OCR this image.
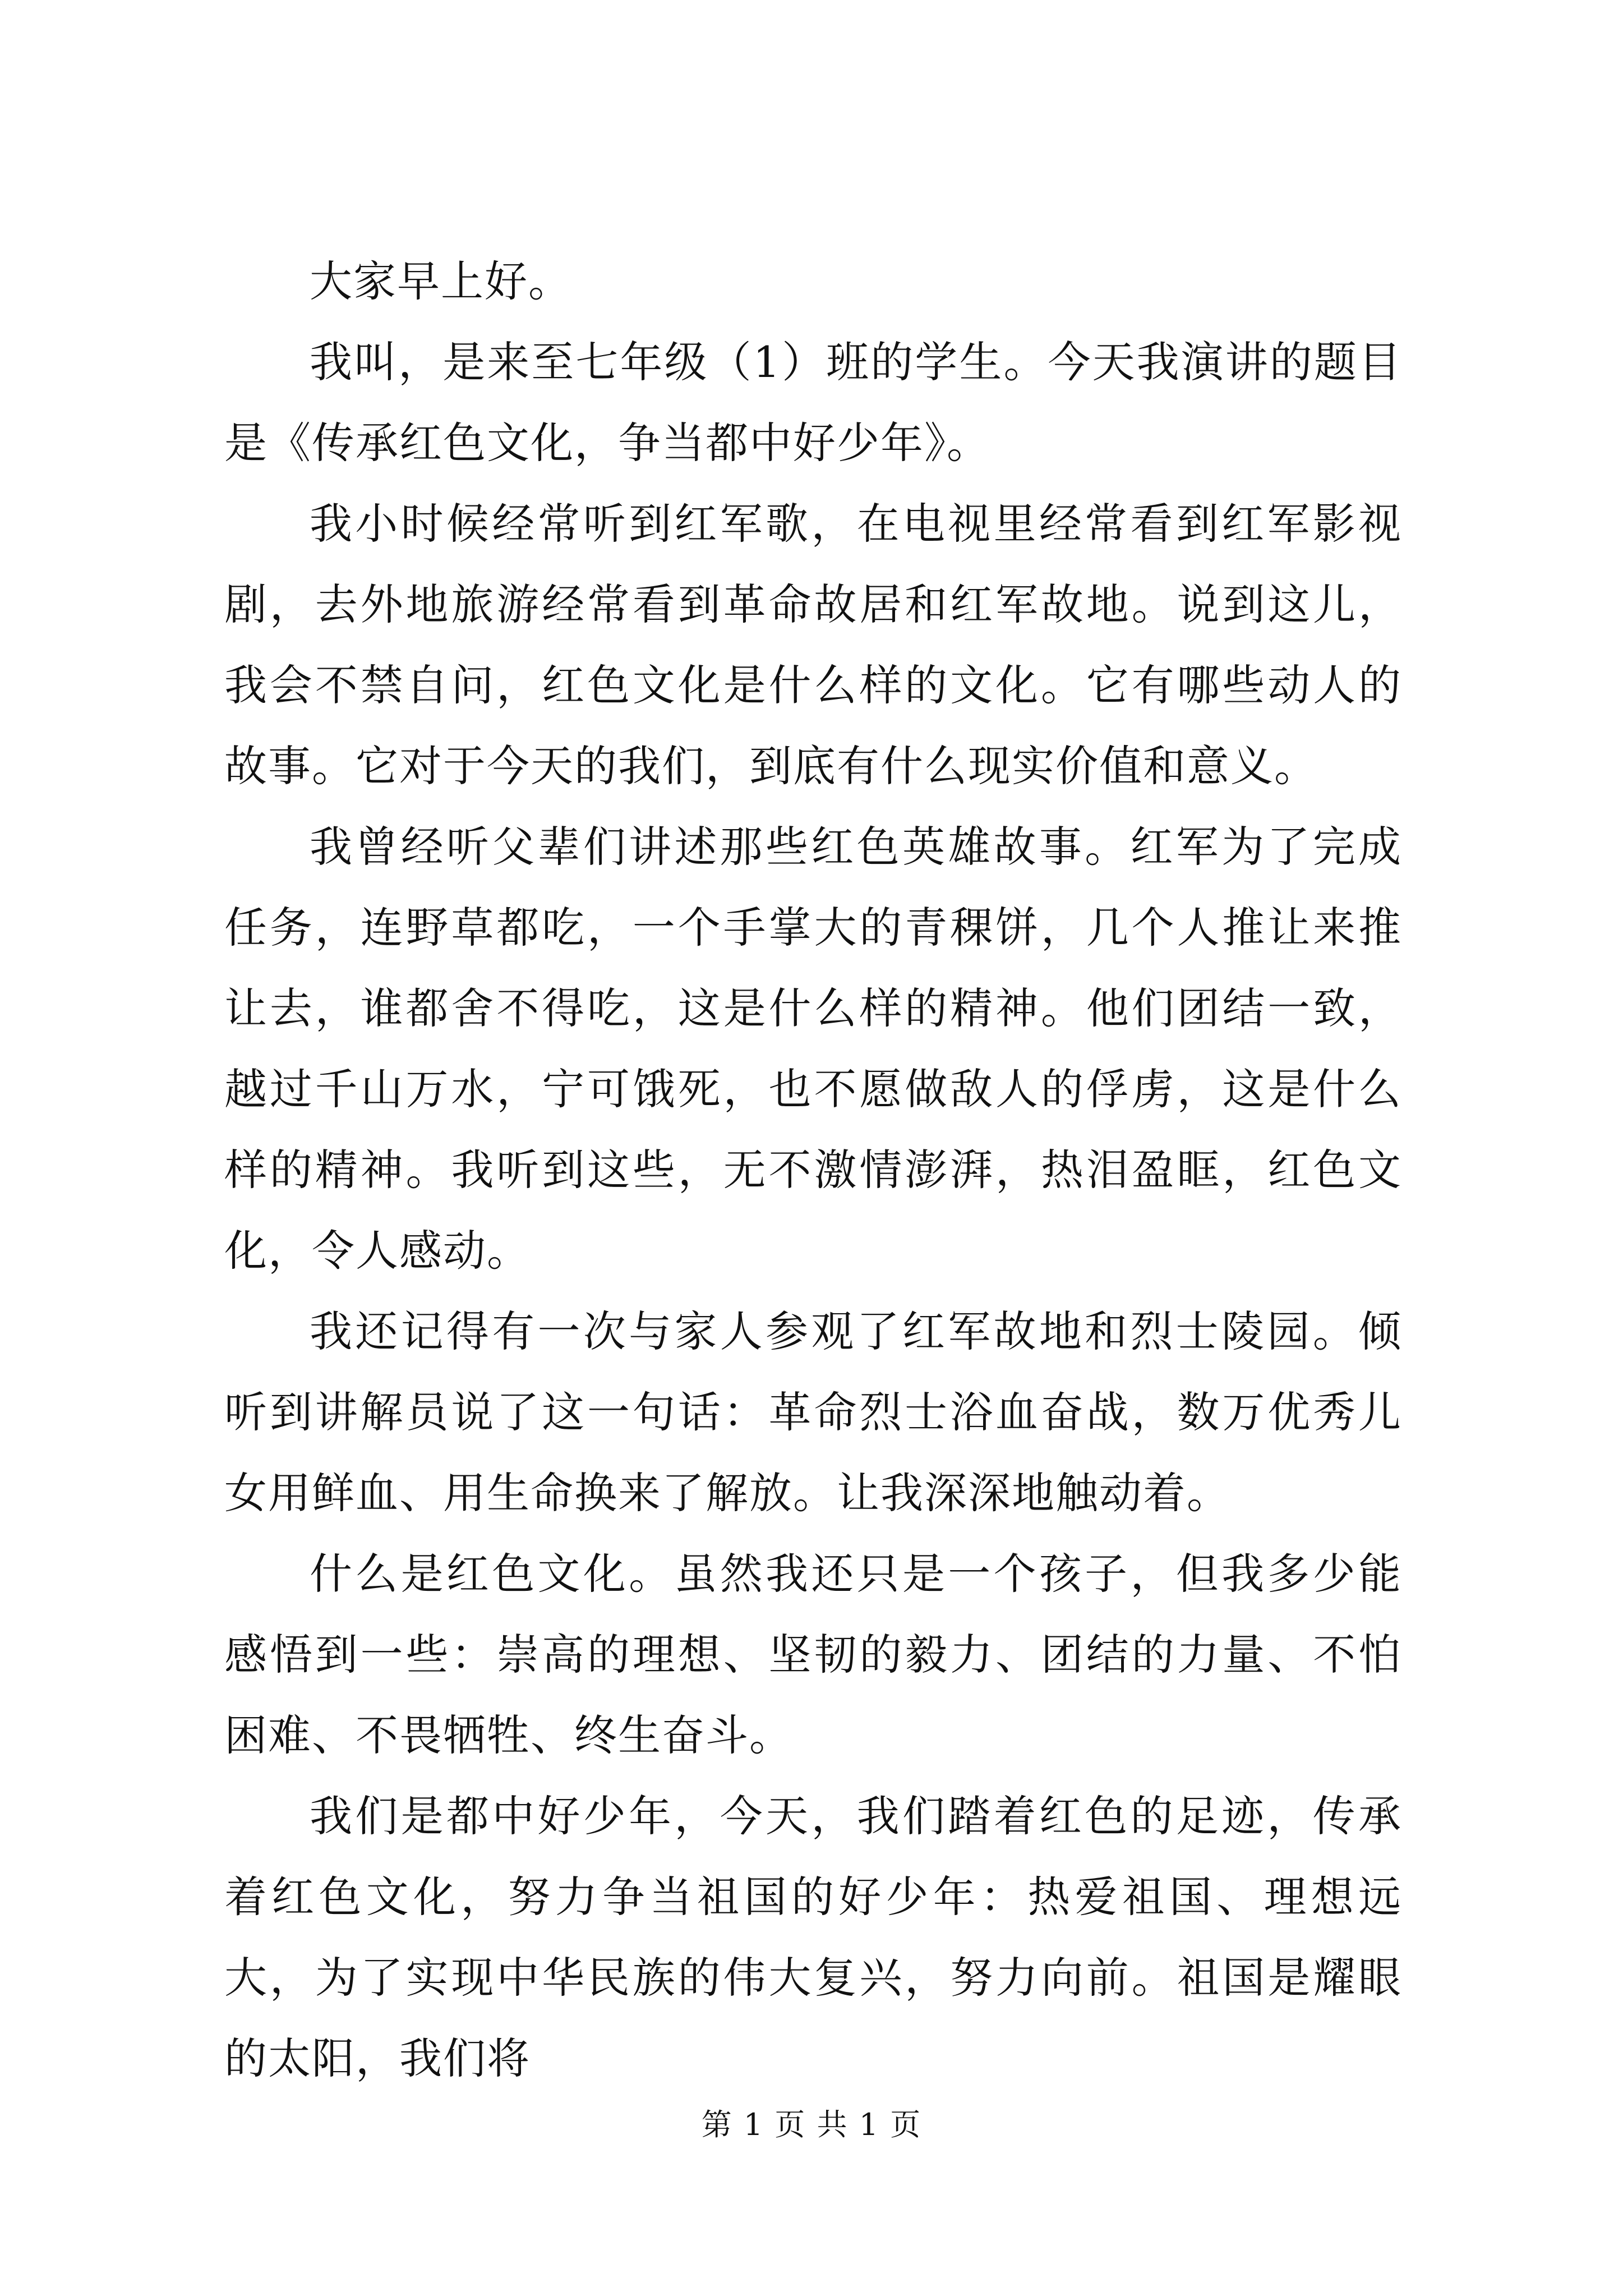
大家早上好。

我叫，是来至七年级（1）班的学生。今天我演讲的题目是《传承红色文化，争当都中好少年》。

我小时候经常听到红军歌，在电视里经常看到红军影视剧，去外地旅游经常看到革命故居和红军故地。说到这儿，我会不禁自问，红色文化是什么样的文化。它有哪些动人的故事。它对于今天的我们，到底有什么现实价值和意义。

我曾经听父辈们讲述那些红色英雄故事。红军为了完成任务，连野草都吃，一个手掌大的青稞饼，几个人推让来推让去，谁都舍不得吃，这是什么样的精神。他们团结一致，越过千山万水，宁可饿死，也不愿做敌人的俘虏，这是什么样的精神。我听到这些，无不激情澎湃，热泪盈眶，红色文化，令人感动。

我还记得有一次与家人参观了红军故地和烈士陵园。倾听到讲解员说了这一句话：革命烈士浴血奋战，数万优秀儿女用鲜血、用生命换来了解放。让我深深地触动着。

什么是红色文化。虽然我还只是一个孩子，但我多少能感悟到一些：崇高的理想、坚韧的毅力、团结的力量、不怕困难、不畏牺牲、终生奋斗。

我们是都中好少年，今天，我们踏着红色的足迹，传承着红色文化，努力争当祖国的好少年：热爱祖国、理想远大，为了实现中华民族的伟大复兴，努力向前。祖国是耀眼的太阳，我们将

第 1 页 共 1 页
